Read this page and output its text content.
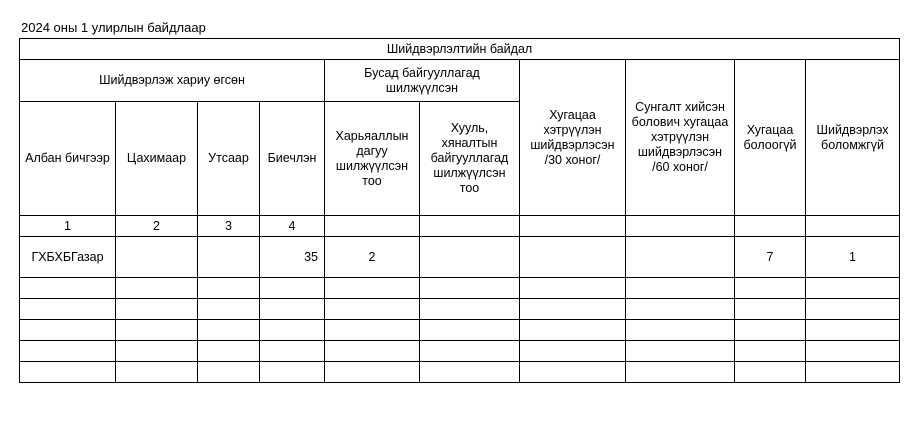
2024 оны 1 улирлын байдлаар
Шийдвэрлэлтийн байдал									
Шийдвэрлэж хариу өгсөн				Бусад байгууллагад шилжүүлсэн		Хугацаа хэтрүүлэн шийдвэрлэсэн /30 хоног/	Сунгалт хийсэн болович хугацаа хэтрүүлэн шийдвэрлэсэн /60 хоног/	Хугацаа болоогүй	Шийдвэрлэх боломжгүй
Албан бичгээр	Цахимаар	Утсаар	Биечлэн	Харьяаллын дагуу шилжүүлсэн тоо	Хууль, хяналтын байгууллагад шилжүүлсэн тоо				
1	2	3	4						
ГХБХБГазар			35	2				7	1
